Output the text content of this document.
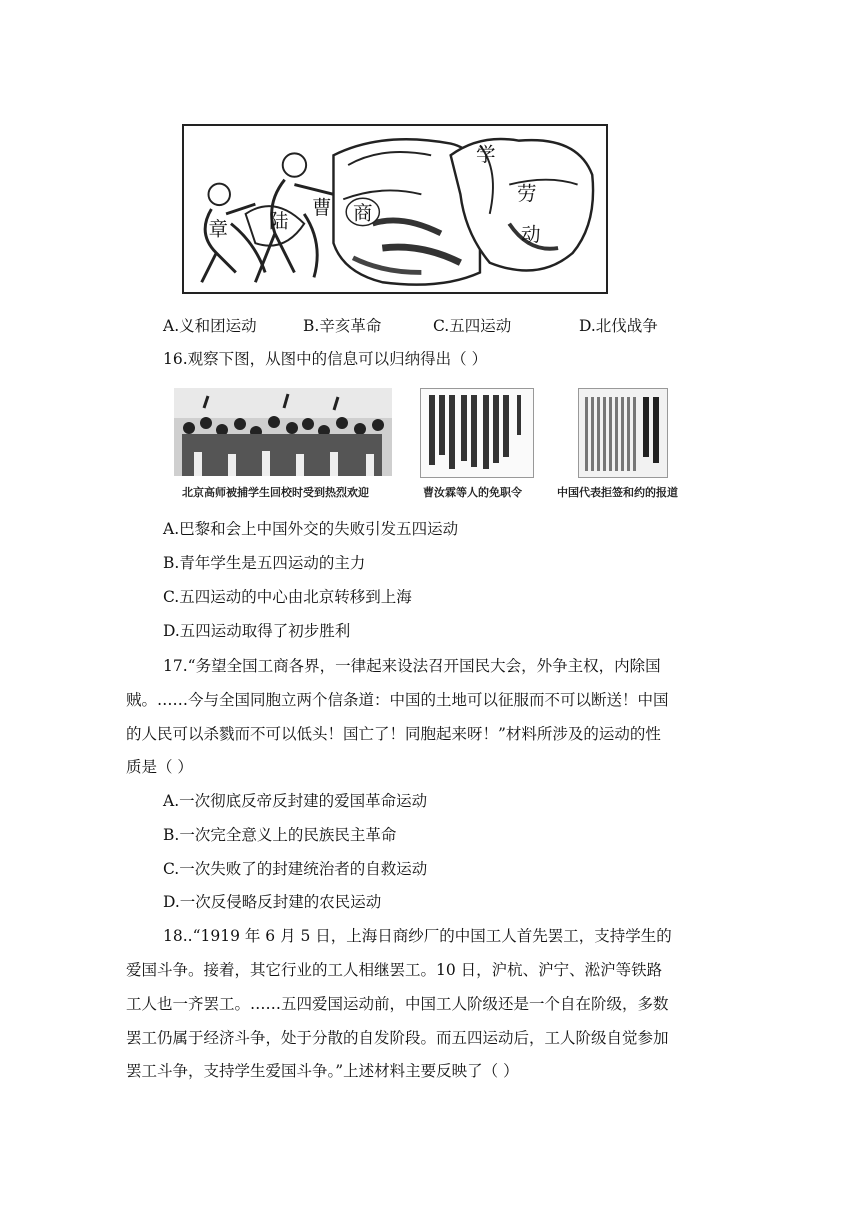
章 陆
曹 商
学
劳
动
A.义和团运动	B.辛亥革命	C.五四运动	D.北伐战争
16.观察下图，从图中的信息可以归纳得出（ ）
北京高师被捕学生回校时受到热烈欢迎	曹汝霖等人的免职令	中国代表拒签和约的报道
A.巴黎和会上中国外交的失败引发五四运动
B.青年学生是五四运动的主力
C.五四运动的中心由北京转移到上海
D.五四运动取得了初步胜利
17.“务望全国工商各界，一律起来设法召开国民大会，外争主权，内除国
贼。……今与全国同胞立两个信条道：中国的土地可以征服而不可以断送！中国
的人民可以杀戮而不可以低头！国亡了！同胞起来呀！”材料所涉及的运动的性
质是（ ）
A.一次彻底反帝反封建的爱国革命运动
B.一次完全意义上的民族民主革命
C.一次失败了的封建统治者的自救运动
D.一次反侵略反封建的农民运动
18..“1919 年 6 月 5 日，上海日商纱厂的中国工人首先罢工，支持学生的
爱国斗争。接着，其它行业的工人相继罢工。10 日，沪杭、沪宁、淞沪等铁路
工人也一齐罢工。……五四爱国运动前，中国工人阶级还是一个自在阶级，多数
罢工仍属于经济斗争，处于分散的自发阶段。而五四运动后，工人阶级自觉参加
罢工斗争，支持学生爱国斗争。”上述材料主要反映了（ ）
